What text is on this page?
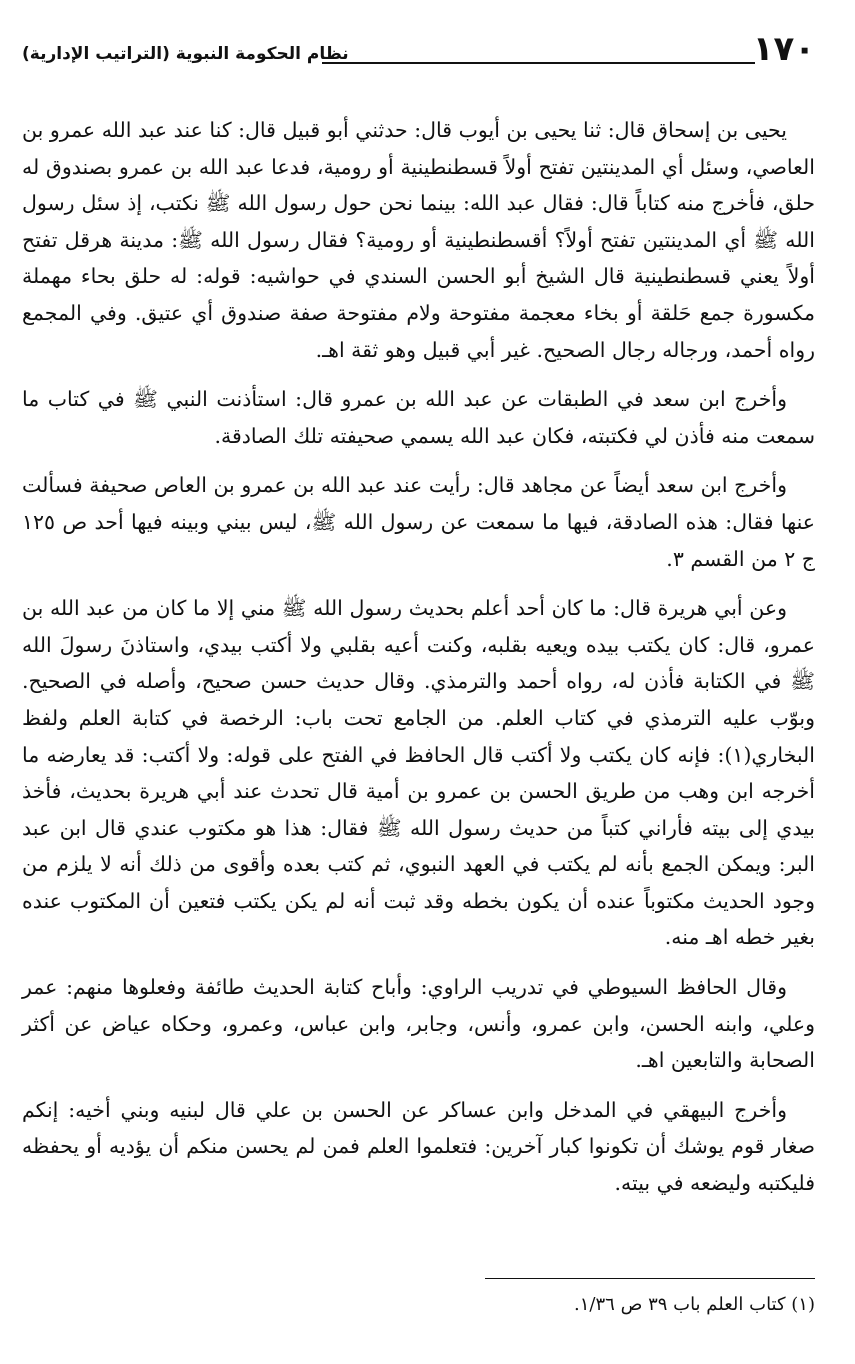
نظام الحكومة النبوية (التراتيب الإدارية)	١٧٠

يحيى بن إسحاق قال: ثنا يحيى بن أيوب قال: حدثني أبو قبيل قال: كنا عند عبد الله عمرو بن العاصي، وسئل أي المدينتين تفتح أولاً قسطنطينية أو رومية، فدعا عبد الله بن عمرو بصندوق له حلق، فأخرج منه كتاباً قال: فقال عبد الله: بينما نحن حول رسول الله ﷺ نكتب، إذ سئل رسول الله ﷺ أي المدينتين تفتح أولاً؟ أقسطنطينية أو رومية؟ فقال رسول الله ﷺ: مدينة هرقل تفتح أولاً يعني قسطنطينية قال الشيخ أبو الحسن السندي في حواشيه: قوله: له حلق بحاء مهملة مكسورة جمع حَلقة أو بخاء معجمة مفتوحة ولام مفتوحة صفة صندوق أي عتيق. وفي المجمع رواه أحمد، ورجاله رجال الصحيح. غير أبي قبيل وهو ثقة اهـ.

وأخرج ابن سعد في الطبقات عن عبد الله بن عمرو قال: استأذنت النبي ﷺ في كتاب ما سمعت منه فأذن لي فكتبته، فكان عبد الله يسمي صحيفته تلك الصادقة.

وأخرج ابن سعد أيضاً عن مجاهد قال: رأيت عند عبد الله بن عمرو بن العاص صحيفة فسألت عنها فقال: هذه الصادقة، فيها ما سمعت عن رسول الله ﷺ، ليس بيني وبينه فيها أحد ص ١٢٥ ج ٢ من القسم ٣.

وعن أبي هريرة قال: ما كان أحد أعلم بحديث رسول الله ﷺ مني إلا ما كان من عبد الله بن عمرو، قال: كان يكتب بيده ويعيه بقلبه، وكنت أعيه بقلبي ولا أكتب بيدي، واستاذنَ رسولَ الله ﷺ في الكتابة فأذن له، رواه أحمد والترمذي. وقال حديث حسن صحيح، وأصله في الصحيح. وبوّب عليه الترمذي في كتاب العلم. من الجامع تحت باب: الرخصة في كتابة العلم ولفظ البخاري(١): فإنه كان يكتب ولا أكتب قال الحافظ في الفتح على قوله: ولا أكتب: قد يعارضه ما أخرجه ابن وهب من طريق الحسن بن عمرو بن أمية قال تحدث عند أبي هريرة بحديث، فأخذ بيدي إلى بيته فأراني كتباً من حديث رسول الله ﷺ فقال: هذا هو مكتوب عندي قال ابن عبد البر: ويمكن الجمع بأنه لم يكتب في العهد النبوي، ثم كتب بعده وأقوى من ذلك أنه لا يلزم من وجود الحديث مكتوباً عنده أن يكون بخطه وقد ثبت أنه لم يكن يكتب فتعين أن المكتوب عنده بغير خطه اهـ منه.

وقال الحافظ السيوطي في تدريب الراوي: وأباح كتابة الحديث طائفة وفعلوها منهم: عمر وعلي، وابنه الحسن، وابن عمرو، وأنس، وجابر، وابن عباس، وعمرو، وحكاه عياض عن أكثر الصحابة والتابعين اهـ.

وأخرج البيهقي في المدخل وابن عساكر عن الحسن بن علي قال لبنيه وبني أخيه: إنكم صغار قوم يوشك أن تكونوا كبار آخرين: فتعلموا العلم فمن لم يحسن منكم أن يؤديه أو يحفظه فليكتبه وليضعه في بيته.

(١) كتاب العلم باب ٣٩ ص ١/٣٦.
